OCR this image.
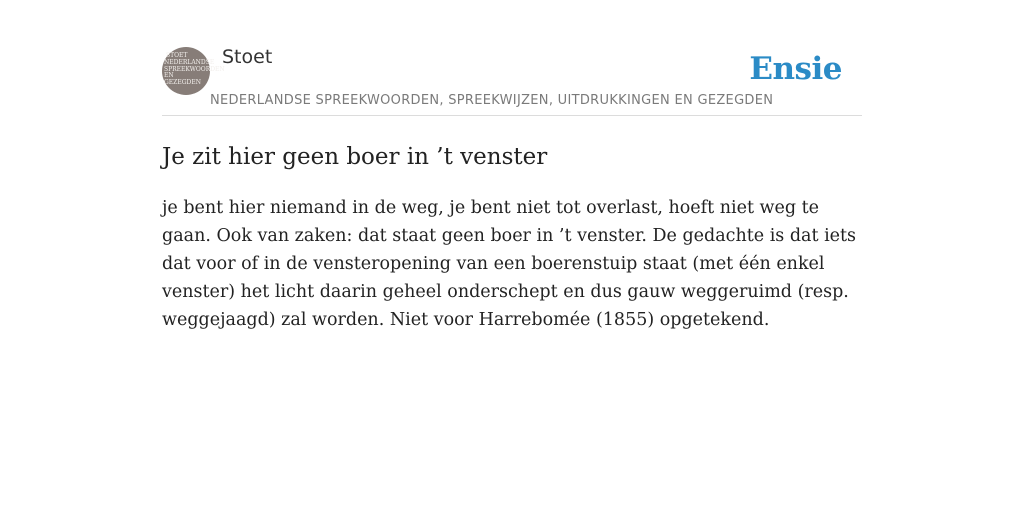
STOET
NEDERLANDSE SPREEKWOORDEN EN GEZEGDEN
Stoet	Ensie
NEDERLANDSE SPREEKWOORDEN, SPREEKWIJZEN, UITDRUKKINGEN EN GEZEGDEN
Je zit hier geen boer in ’t venster

je bent hier niemand in de weg, je bent niet tot overlast, hoeft niet weg te gaan. Ook van zaken: dat staat geen boer in ’t venster. De gedachte is dat iets dat voor of in de vensteropening van een boerenstuip staat (met één enkel venster) het licht daarin geheel onderschept en dus gauw weggeruimd (resp. weggejaagd) zal worden. Niet voor Harrebomée (1855) opgetekend.
